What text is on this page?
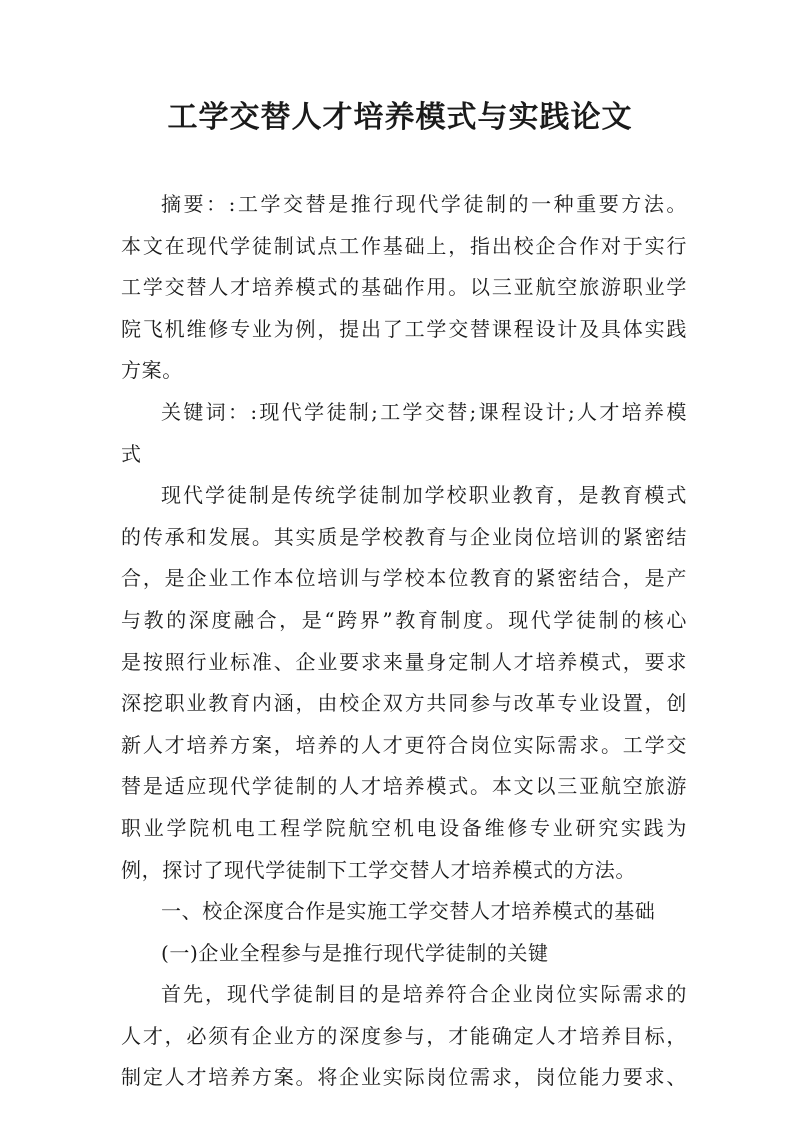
工学交替人才培养模式与实践论文
摘要：:工学交替是推行现代学徒制的一种重要方法。
本文在现代学徒制试点工作基础上，指出校企合作对于实行
工学交替人才培养模式的基础作用。以三亚航空旅游职业学
院飞机维修专业为例，提出了工学交替课程设计及具体实践
方案。
关键词：:现代学徒制;工学交替;课程设计;人才培养模
式
现代学徒制是传统学徒制加学校职业教育，是教育模式
的传承和发展。其实质是学校教育与企业岗位培训的紧密结
合，是企业工作本位培训与学校本位教育的紧密结合，是产
与教的深度融合，是“跨界”教育制度。现代学徒制的核心
是按照行业标准、企业要求来量身定制人才培养模式，要求
深挖职业教育内涵，由校企双方共同参与改革专业设置，创
新人才培养方案，培养的人才更符合岗位实际需求。工学交
替是适应现代学徒制的人才培养模式。本文以三亚航空旅游
职业学院机电工程学院航空机电设备维修专业研究实践为
例，探讨了现代学徒制下工学交替人才培养模式的方法。
一、校企深度合作是实施工学交替人才培养模式的基础
(一)企业全程参与是推行现代学徒制的关键
首先，现代学徒制目的是培养符合企业岗位实际需求的
人才，必须有企业方的深度参与，才能确定人才培养目标，
制定人才培养方案。将企业实际岗位需求，岗位能力要求、
